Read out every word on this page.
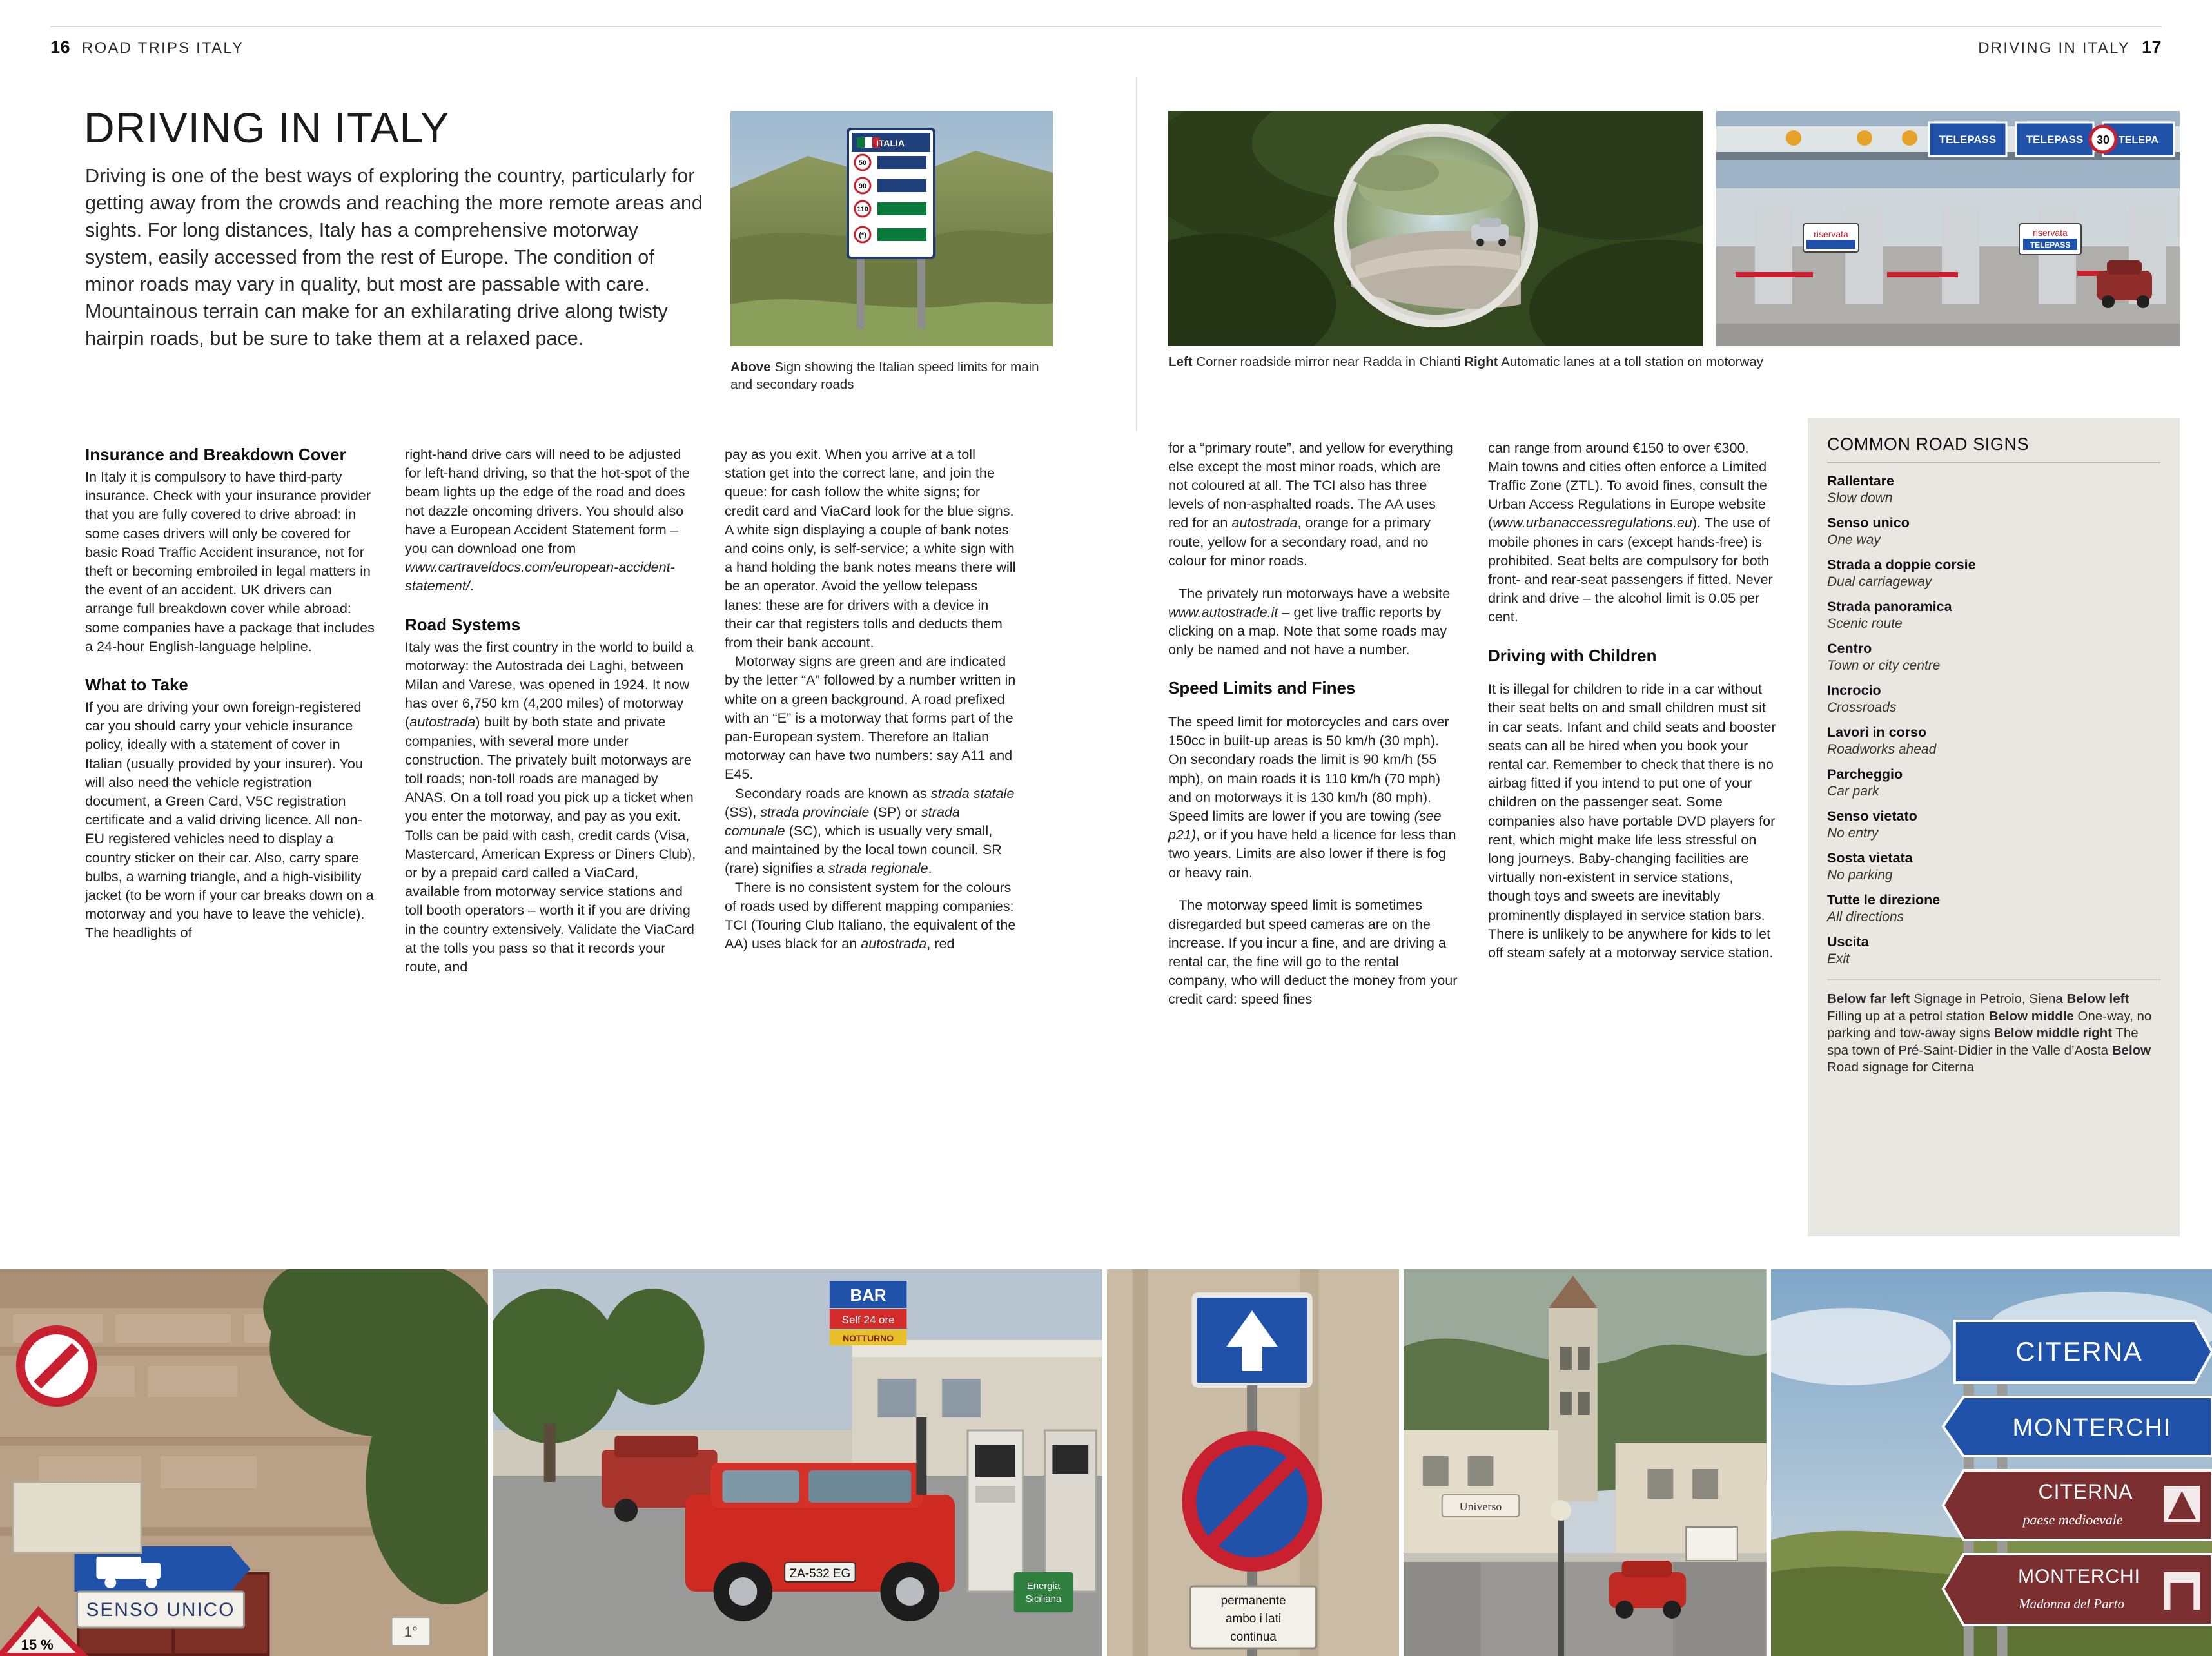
16 ROAD TRIPS ITALY	DRIVING IN ITALY 17
DRIVING IN ITALY
Driving is one of the best ways of exploring the country, particularly for getting away from the crowds and reaching the more remote areas and sights. For long distances, Italy has a comprehensive motorway system, easily accessed from the rest of Europe. The condition of minor roads may vary in quality, but most are passable with care. Mountainous terrain can make for an exhilarating drive along twisty hairpin roads, but be sure to take them at a relaxed pace.
ITALIA
50
90
110
(*)
Above Sign showing the Italian speed limits for main and secondary roads
Insurance and Breakdown Cover

In Italy it is compulsory to have third-party insurance. Check with your insurance provider that you are fully covered to drive abroad: in some cases drivers will only be covered for basic Road Traffic Accident insurance, not for theft or becoming embroiled in legal matters in the event of an accident. UK drivers can arrange full breakdown cover while abroad: some companies have a package that includes a 24-hour English-language helpline.

What to Take

If you are driving your own foreign-registered car you should carry your vehicle insurance policy, ideally with a statement of cover in Italian (usually provided by your insurer). You will also need the vehicle registration document, a Green Card, V5C registration certificate and a valid driving licence. All non-EU registered vehicles need to display a country sticker on their car. Also, carry spare bulbs, a warning triangle, and a high-visibility jacket (to be worn if your car breaks down on a motorway and you have to leave the vehicle). The headlights of

right-hand drive cars will need to be adjusted for left-hand driving, so that the hot-spot of the beam lights up the edge of the road and does not dazzle oncoming drivers. You should also have a European Accident Statement form – you can download one from www.cartraveldocs.com/european-accident-statement/.

Road Systems

Italy was the first country in the world to build a motorway: the Autostrada dei Laghi, between Milan and Varese, was opened in 1924. It now has over 6,750 km (4,200 miles) of motorway (autostrada) built by both state and private companies, with several more under construction. The privately built motorways are toll roads; non-toll roads are managed by ANAS. On a toll road you pick up a ticket when you enter the motorway, and pay as you exit. Tolls can be paid with cash, credit cards (Visa, Mastercard, American Express or Diners Club), or by a prepaid card called a ViaCard, available from motorway service stations and toll booth operators – worth it if you are driving in the country extensively. Validate the ViaCard at the tolls you pass so that it records your route, and

pay as you exit. When you arrive at a toll station get into the correct lane, and join the queue: for cash follow the white signs; for credit card and ViaCard look for the blue signs. A white sign displaying a couple of bank notes and coins only, is self-service; a white sign with a hand holding the bank notes means there will be an operator. Avoid the yellow telepass lanes: these are for drivers with a device in their car that registers tolls and deducts them from their bank account.

Motorway signs are green and are indicated by the letter “A” followed by a number written in white on a green background. A road prefixed with an “E” is a motorway that forms part of the pan-European system. Therefore an Italian motorway can have two numbers: say A11 and E45.

Secondary roads are known as strada statale (SS), strada provinciale (SP) or strada comunale (SC), which is usually very small, and maintained by the local town council. SR (rare) signifies a strada regionale.

There is no consistent system for the colours of roads used by different mapping companies: TCI (Touring Club Italiano, the equivalent of the AA) uses black for an autostrada, red

TELEPASS	TELEPASS	TELEPA
30
riservata	riservata
TELEPASS
Left Corner roadside mirror near Radda in Chianti Right Automatic lanes at a toll station on motorway

for a “primary route”, and yellow for everything else except the most minor roads, which are not coloured at all. The TCI also has three levels of non-asphalted roads. The AA uses red for an autostrada, orange for a primary route, yellow for a secondary road, and no colour for minor roads.

The privately run motorways have a website www.autostrade.it – get live traffic reports by clicking on a map. Note that some roads may only be named and not have a number.

Speed Limits and Fines

The speed limit for motorcycles and cars over 150cc in built-up areas is 50 km/h (30 mph). On secondary roads the limit is 90 km/h (55 mph), on main roads it is 110 km/h (70 mph) and on motorways it is 130 km/h (80 mph). Speed limits are lower if you are towing (see p21), or if you have held a licence for less than two years. Limits are also lower if there is fog or heavy rain.

The motorway speed limit is sometimes disregarded but speed cameras are on the increase. If you incur a fine, and are driving a rental car, the fine will go to the rental company, who will deduct the money from your credit card: speed fines

can range from around €150 to over €300. Main towns and cities often enforce a Limited Traffic Zone (ZTL). To avoid fines, consult the Urban Access Regulations in Europe website (www.urbanaccessregulations.eu). The use of mobile phones in cars (except hands-free) is prohibited. Seat belts are compulsory for both front- and rear-seat passengers if fitted. Never drink and drive – the alcohol limit is 0.05 per cent.

Driving with Children

It is illegal for children to ride in a car without their seat belts on and small children must sit in car seats. Infant and child seats and booster seats can all be hired when you book your rental car. Remember to check that there is no airbag fitted if you intend to put one of your children on the passenger seat. Some companies also have portable DVD players for rent, which might make life less stressful on long journeys. Baby-changing facilities are virtually non-existent in service stations, though toys and sweets are inevitably prominently displayed in service station bars. There is unlikely to be anywhere for kids to let off steam safely at a motorway service station.

COMMON ROAD SIGNS
Rallentare
Slow down
Senso unico
One way
Strada a doppie corsie
Dual carriageway
Strada panoramica
Scenic route
Centro
Town or city centre
Incrocio
Crossroads
Lavori in corso
Roadworks ahead
Parcheggio
Car park
Senso vietato
No entry
Sosta vietata
No parking
Tutte le direzione
All directions
Uscita
Exit
Below far left Signage in Petroio, Siena Below left Filling up at a petrol station Below middle One-way, no parking and tow-away signs Below middle right The spa town of Pré-Saint-Didier in the Valle d’Aosta Below Road signage for Citerna
SENSO UNICO
15 %
1°
BAR
Self 24 ore
NOTTURNO
ZA-532 EG
Energia
Siciliana	permanente
ambo i lati
continua
Universo
CITERNA
MONTERCHI
CITERNA
paese medioevale
MONTERCHI
Madonna del Parto
